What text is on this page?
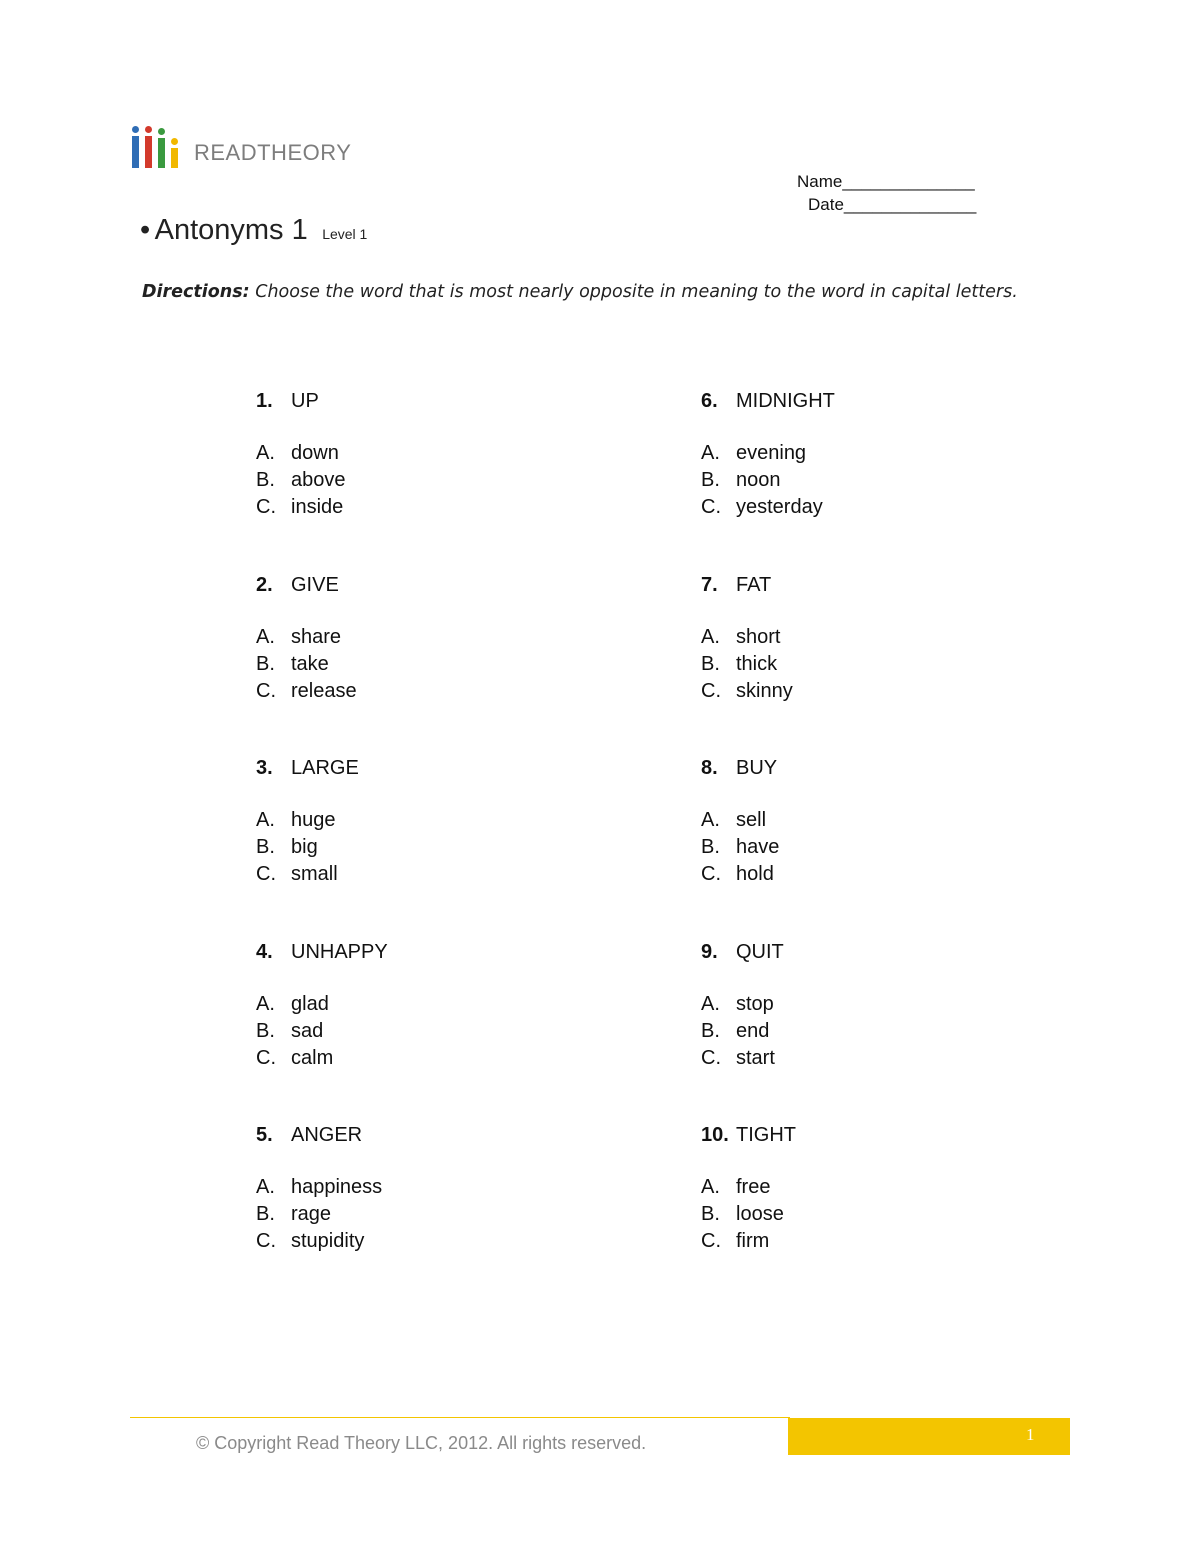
READTHEORY
Name______________
Date______________
• Antonyms 1 Level 1
Directions: Choose the word that is most nearly opposite in meaning to the word in capital letters.
1. UP
A. down
B. above
C. inside
2. GIVE
A. share
B. take
C. release
3. LARGE
A. huge
B. big
C. small
4. UNHAPPY
A. glad
B. sad
C. calm
5. ANGER
A. happiness
B. rage
C. stupidity
6. MIDNIGHT
A. evening
B. noon
C. yesterday
7. FAT
A. short
B. thick
C. skinny
8. BUY
A. sell
B. have
C. hold
9. QUIT
A. stop
B. end
C. start
10. TIGHT
A. free
B. loose
C. firm
1
© Copyright Read Theory LLC, 2012. All rights reserved.
